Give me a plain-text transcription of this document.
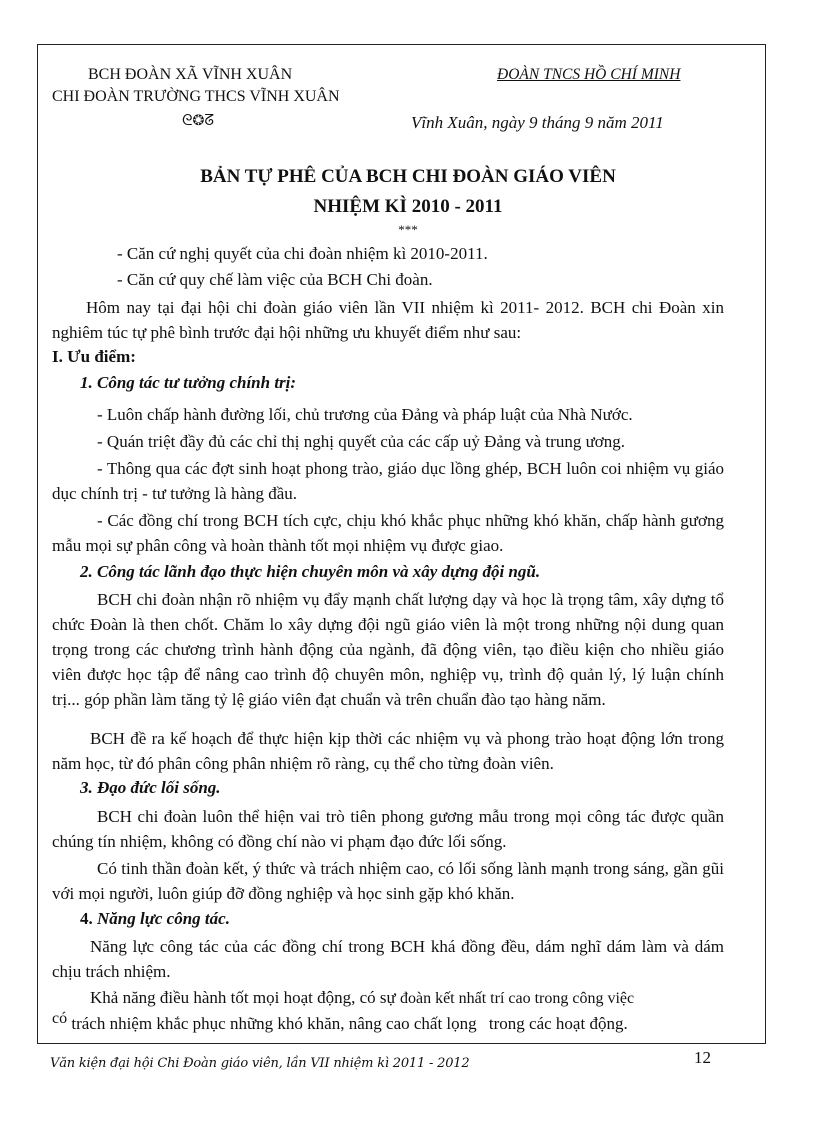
BCH ĐOÀN XÃ VĨNH XUÂN
CHI ĐOÀN TRƯỜNG THCS VĨNH XUÂN
ĐOÀN TNCS HỒ CHÍ MINH
ᘓ❂ᘔ	Vĩnh Xuân, ngày 9 tháng 9 năm 2011
BẢN TỰ PHÊ CỦA BCH CHI ĐOÀN GIÁO VIÊN
NHIỆM KÌ 2010 - 2011
***
- Căn cứ nghị quyết của chi đoàn nhiệm kì 2010-2011.
- Căn cứ quy chế làm việc của BCH Chi đoàn.
Hôm nay tại đại hội chi đoàn giáo viên lần VII nhiệm kì 2011- 2012. BCH chi Đoàn xin nghiêm túc tự phê bình trước đại hội những ưu khuyết điểm như sau:
I. Ưu điểm:
1. Công tác tư tưởng chính trị:
- Luôn chấp hành đường lối, chủ trương của Đảng và pháp luật của Nhà Nước.
- Quán triệt đầy đủ các chỉ thị nghị quyết của các cấp uỷ Đảng và trung ương.
- Thông qua các đợt sinh hoạt phong trào, giáo dục lồng ghép, BCH luôn coi nhiệm vụ giáo dục chính trị - tư tưởng là hàng đầu.
- Các đồng chí trong BCH tích cực, chịu khó khắc phục những khó khăn, chấp hành gương mẫu mọi sự phân công và hoàn thành tốt mọi nhiệm vụ được giao.
2. Công tác lãnh đạo thực hiện chuyên môn và xây dựng đội ngũ.
BCH chi đoàn nhận rõ nhiệm vụ đẩy mạnh chất lượng dạy và học là trọng tâm, xây dựng tổ chức Đoàn là then chốt. Chăm lo xây dựng đội ngũ giáo viên là một trong những nội dung quan trọng trong các chương trình hành động của ngành, đã động viên, tạo điều kiện cho nhiều giáo viên được học tập để nâng cao trình độ chuyên môn, nghiệp vụ, trình độ quản lý, lý luận chính trị... góp phần làm tăng tỷ lệ giáo viên đạt chuẩn và trên chuẩn đào tạo hàng năm.
BCH đề ra kế hoạch để thực hiện kịp thời các nhiệm vụ và phong trào hoạt động lớn trong năm học, từ đó phân công phân nhiệm rõ ràng, cụ thể cho từng đoàn viên.
3. Đạo đức lối sống.
BCH chi đoàn luôn thể hiện vai trò tiên phong gương mẫu trong mọi công tác được quần chúng tín nhiệm, không có đồng chí nào vi phạm đạo đức lối sống.
Có tinh thần đoàn kết, ý thức và trách nhiệm cao, có lối sống lành mạnh trong sáng, gần gũi với mọi người, luôn giúp đỡ đồng nghiệp và học sinh gặp khó khăn.
4. Năng lực công tác.
Năng lực công tác của các đồng chí trong BCH khá đồng đều, dám nghĩ dám làm và dám chịu trách nhiệm.
Khả năng điều hành tốt mọi hoạt động, có sự đoàn kết nhất trí cao trong công việc
có trách nhiệm khắc phục những khó khăn, nâng cao chất lọng trong các hoạt động.
Văn kiện đại hội Chi Đoàn giáo viên, lần VII nhiệm kì 2011 - 2012	12
